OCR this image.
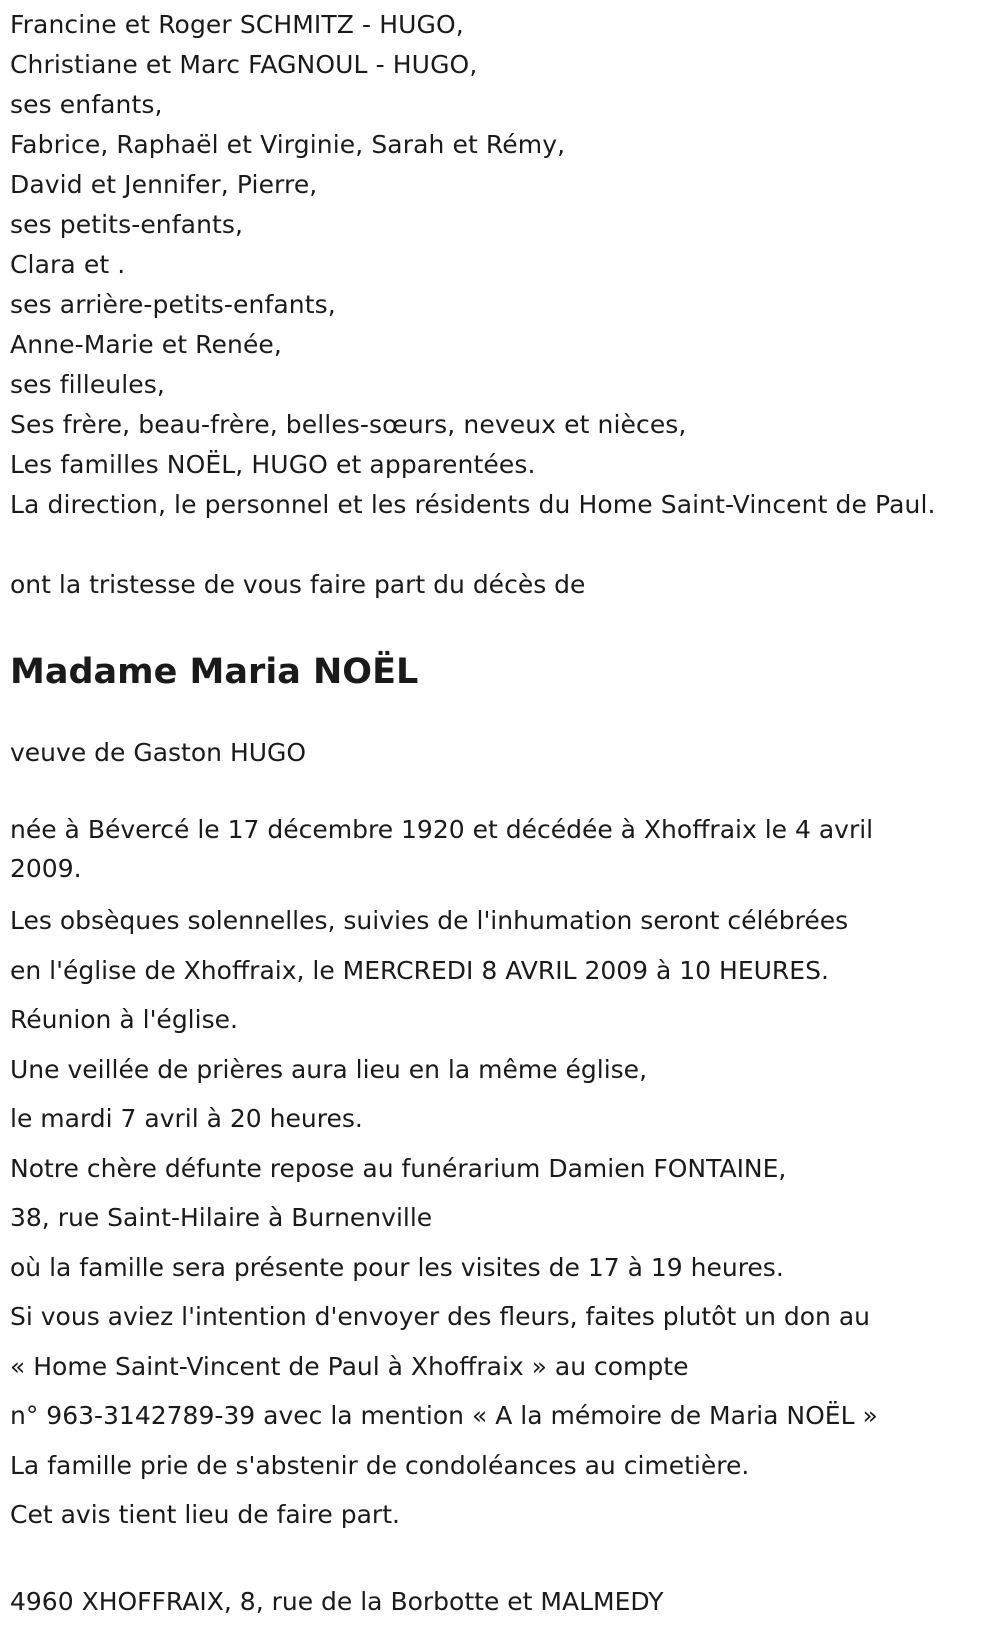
Francine et Roger SCHMITZ - HUGO,
Christiane et Marc FAGNOUL - HUGO,
ses enfants,
Fabrice, Raphaël et Virginie, Sarah et Rémy,
David et Jennifer, Pierre,
ses petits-enfants,
Clara et .
ses arrière-petits-enfants,
Anne-Marie et Renée,
ses filleules,
Ses frère, beau-frère, belles-sœurs, neveux et nièces,
Les familles NOËL, HUGO et apparentées.
La direction, le personnel et les résidents du Home Saint-Vincent de Paul.
ont la tristesse de vous faire part du décès de
Madame Maria NOËL
veuve de Gaston HUGO
née à Bévercé le 17 décembre 1920 et décédée à Xhoffraix le 4 avril 2009.
Les obsèques solennelles, suivies de l'inhumation seront célébrées
en l'église de Xhoffraix, le MERCREDI 8 AVRIL 2009 à 10 HEURES.
Réunion à l'église.
Une veillée de prières aura lieu en la même église,
le mardi 7 avril à 20 heures.
Notre chère défunte repose au funérarium Damien FONTAINE,
38, rue Saint-Hilaire à Burnenville
où la famille sera présente pour les visites de 17 à 19 heures.
Si vous aviez l'intention d'envoyer des fleurs, faites plutôt un don au
« Home Saint-Vincent de Paul à Xhoffraix » au compte
n° 963-3142789-39 avec la mention « A la mémoire de Maria NOËL »
La famille prie de s'abstenir de condoléances au cimetière.
Cet avis tient lieu de faire part.
4960 XHOFFRAIX, 8, rue de la Borbotte et MALMEDY
